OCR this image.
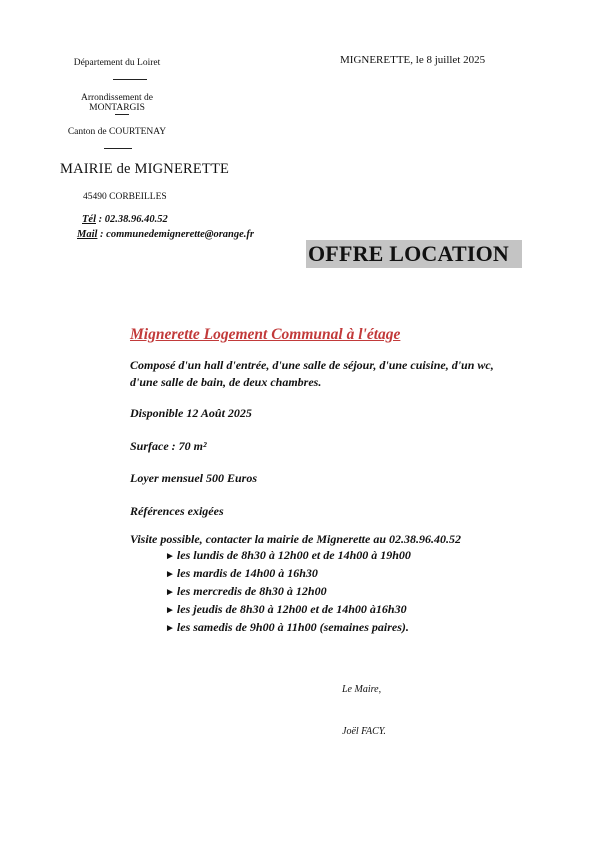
Département du Loiret
Arrondissement de MONTARGIS
Canton de COURTENAY
MAIRIE de MIGNERETTE
45490 CORBEILLES
Tél : 02.38.96.40.52
Mail : communedemignerette@orange.fr
MIGNERETTE, le 8 juillet 2025
OFFRE LOCATION
Mignerette Logement Communal à l'étage
Composé d'un hall d'entrée, d'une salle de séjour, d'une cuisine, d'un wc,
d'une salle de bain, de deux chambres.
Disponible 12 Août 2025
Surface : 70 m²
Loyer mensuel 500 Euros
Références exigées
Visite possible, contacter la mairie de Mignerette au 02.38.96.40.52
► les lundis de 8h30 à 12h00 et de 14h00 à 19h00
► les mardis de 14h00 à 16h30
► les mercredis de 8h30 à 12h00
► les jeudis de 8h30 à 12h00 et de 14h00 à16h30
► les samedis de 9h00 à 11h00 (semaines paires).
Le Maire,
Joël FACY.
